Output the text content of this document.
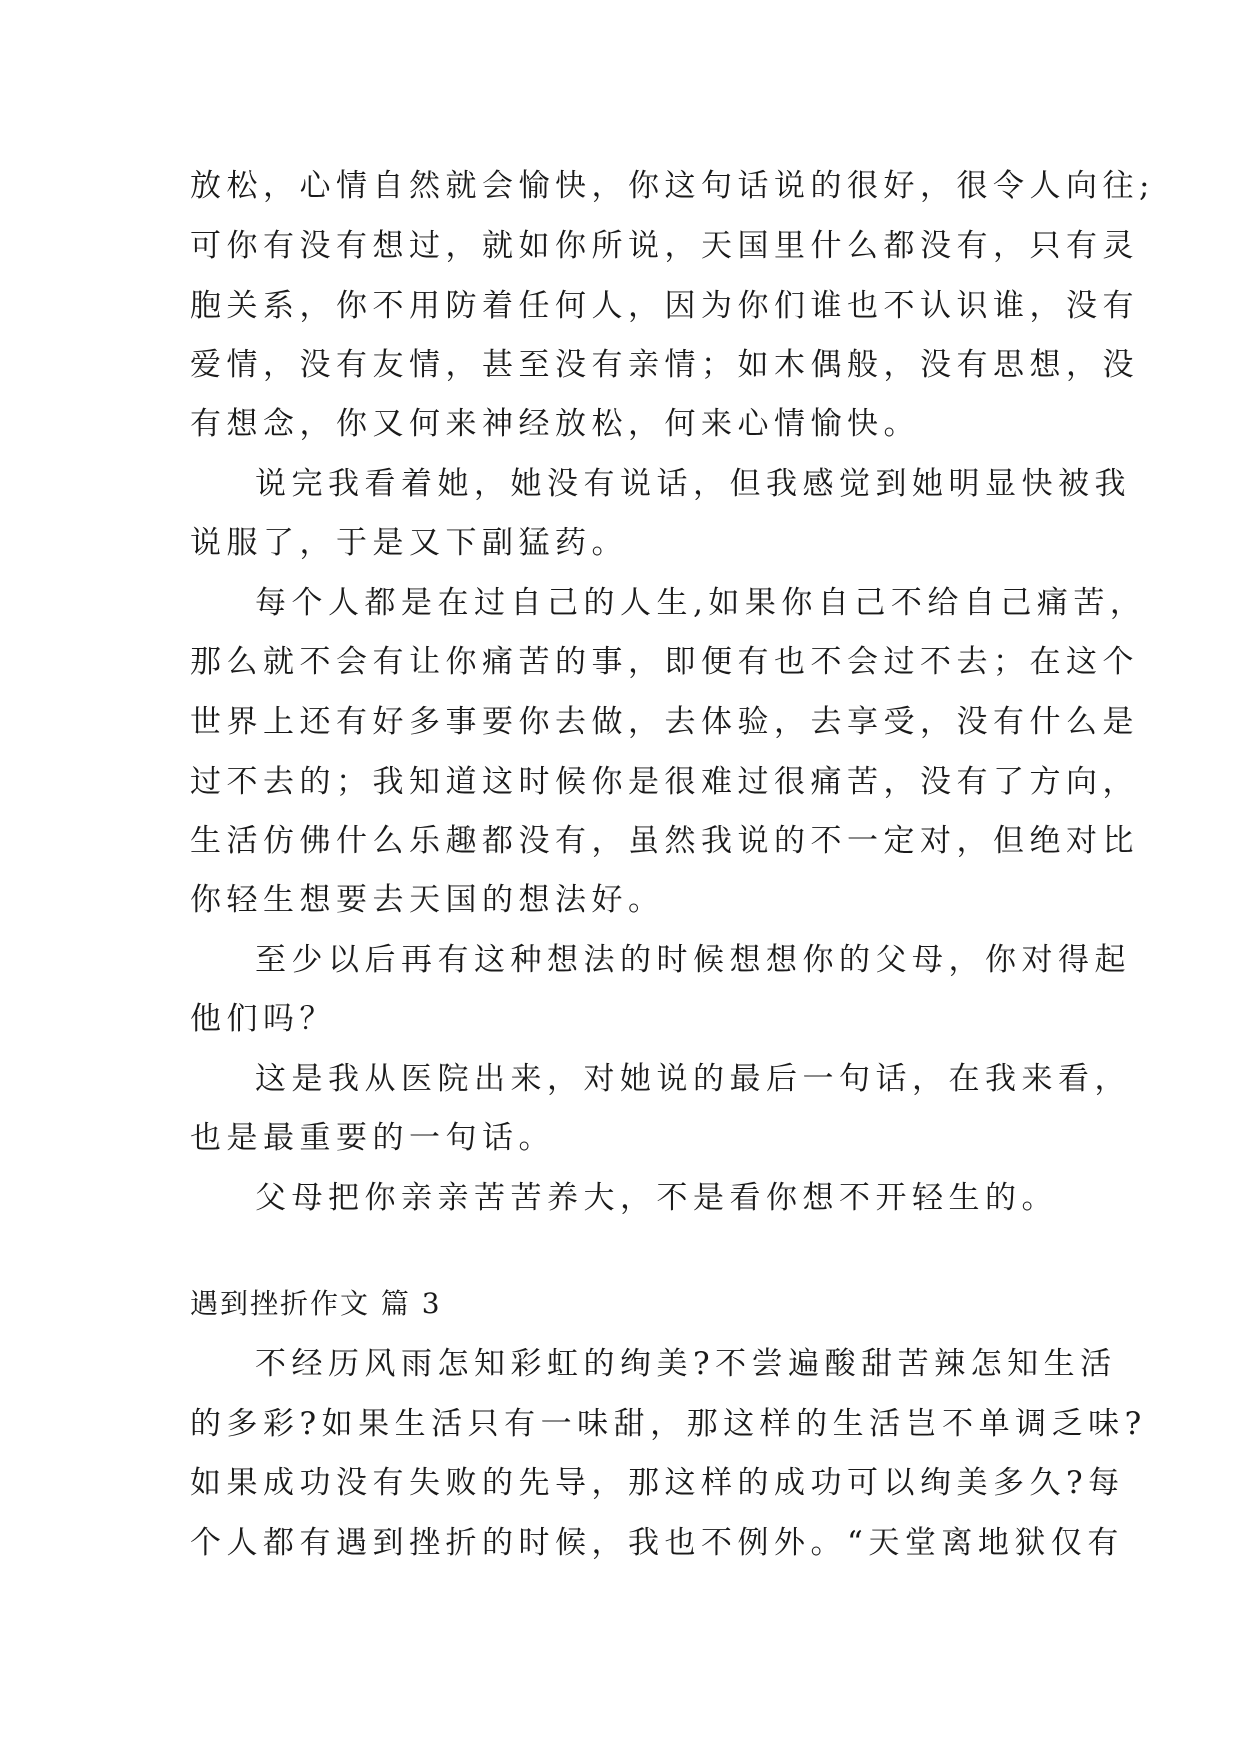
放松，心情自然就会愉快，你这句话说的很好，很令人向往;
可你有没有想过，就如你所说，天国里什么都没有，只有灵
胞关系，你不用防着任何人，因为你们谁也不认识谁，没有
爱情，没有友情，甚至没有亲情；如木偶般，没有思想，没
有想念，你又何来神经放松，何来心情愉快。
说完我看着她，她没有说话，但我感觉到她明显快被我
说服了，于是又下副猛药。
每个人都是在过自己的人生,如果你自己不给自己痛苦，
那么就不会有让你痛苦的事，即便有也不会过不去；在这个
世界上还有好多事要你去做，去体验，去享受，没有什么是
过不去的；我知道这时候你是很难过很痛苦，没有了方向，
生活仿佛什么乐趣都没有，虽然我说的不一定对，但绝对比
你轻生想要去天国的想法好。
至少以后再有这种想法的时候想想你的父母，你对得起
他们吗？
这是我从医院出来，对她说的最后一句话，在我来看，
也是最重要的一句话。
父母把你亲亲苦苦养大，不是看你想不开轻生的。
遇到挫折作文 篇 3
不经历风雨怎知彩虹的绚美?不尝遍酸甜苦辣怎知生活
的多彩?如果生活只有一味甜，那这样的生活岂不单调乏味?
如果成功没有失败的先导，那这样的成功可以绚美多久?每
个人都有遇到挫折的时候，我也不例外。“天堂离地狱仅有
